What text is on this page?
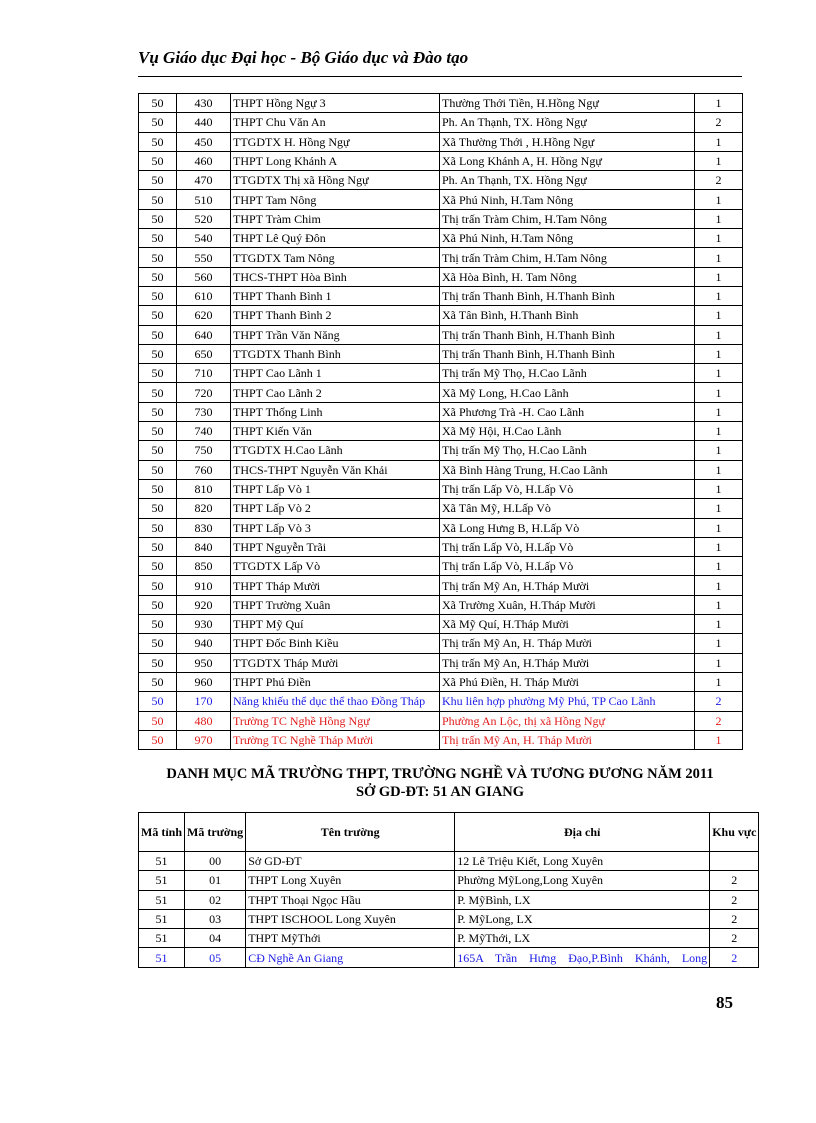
Vụ Giáo dục Đại học - Bộ Giáo dục và Đào tạo
50	430	THPT Hồng Ngự 3	Thường Thới Tiền, H.Hồng Ngự	1
50	440	THPT Chu Văn An	Ph. An Thạnh, TX. Hồng Ngự	2
50	450	TTGDTX H. Hồng Ngự	Xã Thường Thới , H.Hồng Ngự	1
50	460	THPT Long Khánh A	Xã Long Khánh A, H. Hồng Ngự	1
50	470	TTGDTX Thị xã Hồng Ngự	Ph. An Thạnh, TX. Hồng Ngự	2
50	510	THPT Tam Nông	Xã Phú Ninh, H.Tam Nông	1
50	520	THPT Tràm Chim	Thị trấn Tràm Chim, H.Tam Nông	1
50	540	THPT Lê Quý Đôn	Xã Phú Ninh, H.Tam Nông	1
50	550	TTGDTX Tam Nông	Thị trấn Tràm Chim, H.Tam Nông	1
50	560	THCS-THPT Hòa Bình	Xã Hòa Bình, H. Tam Nông	1
50	610	THPT Thanh Bình 1	Thị trấn Thanh Bình, H.Thanh Bình	1
50	620	THPT Thanh Bình 2	Xã Tân Bình, H.Thanh Bình	1
50	640	THPT Trần Văn Năng	Thị trấn Thanh Bình, H.Thanh Bình	1
50	650	TTGDTX Thanh Bình	Thị trấn Thanh Bình, H.Thanh Bình	1
50	710	THPT Cao Lãnh 1	Thị trấn Mỹ Thọ, H.Cao Lãnh	1
50	720	THPT Cao Lãnh 2	Xã Mỹ Long, H.Cao Lãnh	1
50	730	THPT Thống Linh	Xã Phương Trà -H. Cao Lãnh	1
50	740	THPT Kiến Văn	Xã Mỹ Hội, H.Cao Lãnh	1
50	750	TTGDTX H.Cao Lãnh	Thị trấn Mỹ Thọ, H.Cao Lãnh	1
50	760	THCS-THPT Nguyễn Văn Khải	Xã Bình Hàng Trung, H.Cao Lãnh	1
50	810	THPT Lấp Vò 1	Thị trấn Lấp Vò, H.Lấp Vò	1
50	820	THPT Lấp Vò 2	Xã Tân Mỹ, H.Lấp Vò	1
50	830	THPT Lấp Vò 3	Xã Long Hưng B, H.Lấp Vò	1
50	840	THPT Nguyễn Trãi	Thị trấn Lấp Vò, H.Lấp Vò	1
50	850	TTGDTX Lấp Vò	Thị trấn Lấp Vò, H.Lấp Vò	1
50	910	THPT Tháp Mười	Thị trấn Mỹ An, H.Tháp Mười	1
50	920	THPT Trường Xuân	Xã Trường Xuân, H.Tháp Mười	1
50	930	THPT Mỹ Quí	Xã Mỹ Quí, H.Tháp Mười	1
50	940	THPT Đốc Binh Kiều	Thị trấn Mỹ An, H. Tháp Mười	1
50	950	TTGDTX Tháp Mười	Thị trấn Mỹ An, H.Tháp Mười	1
50	960	THPT Phú Điền	Xã Phú Điền, H. Tháp Mười	1
50	170	Năng khiếu thể dục thể thao Đồng Tháp	Khu liên hợp phường Mỹ Phú, TP Cao Lãnh	2
50	480	Trường TC Nghề Hồng Ngự	Phường An Lộc, thị xã Hồng Ngự	2
50	970	Trường TC Nghề Tháp Mười	Thị trấn Mỹ An, H. Tháp Mười	1
DANH MỤC MÃ TRƯỜNG THPT, TRƯỜNG NGHỀ VÀ TƯƠNG ĐƯƠNG NĂM 2011
SỞ GD-ĐT: 51 AN GIANG
Mã tỉnh	Mã trường	Tên trường	Địa chỉ	Khu vực
51	00	Sở GD-ĐT	12 Lê Triệu Kiết, Long Xuyên	
51	01	THPT Long Xuyên	Phường MỹLong,Long Xuyên	2
51	02	THPT Thoại Ngọc Hầu	P. MỹBình, LX	2
51	03	THPT ISCHOOL Long Xuyên	P. MỹLong, LX	2
51	04	THPT MỹThới	P. MỹThới, LX	2
51	05	CĐ Nghề An Giang	165A Trần Hưng Đạo,P.Bình Khánh, Long	2
85
